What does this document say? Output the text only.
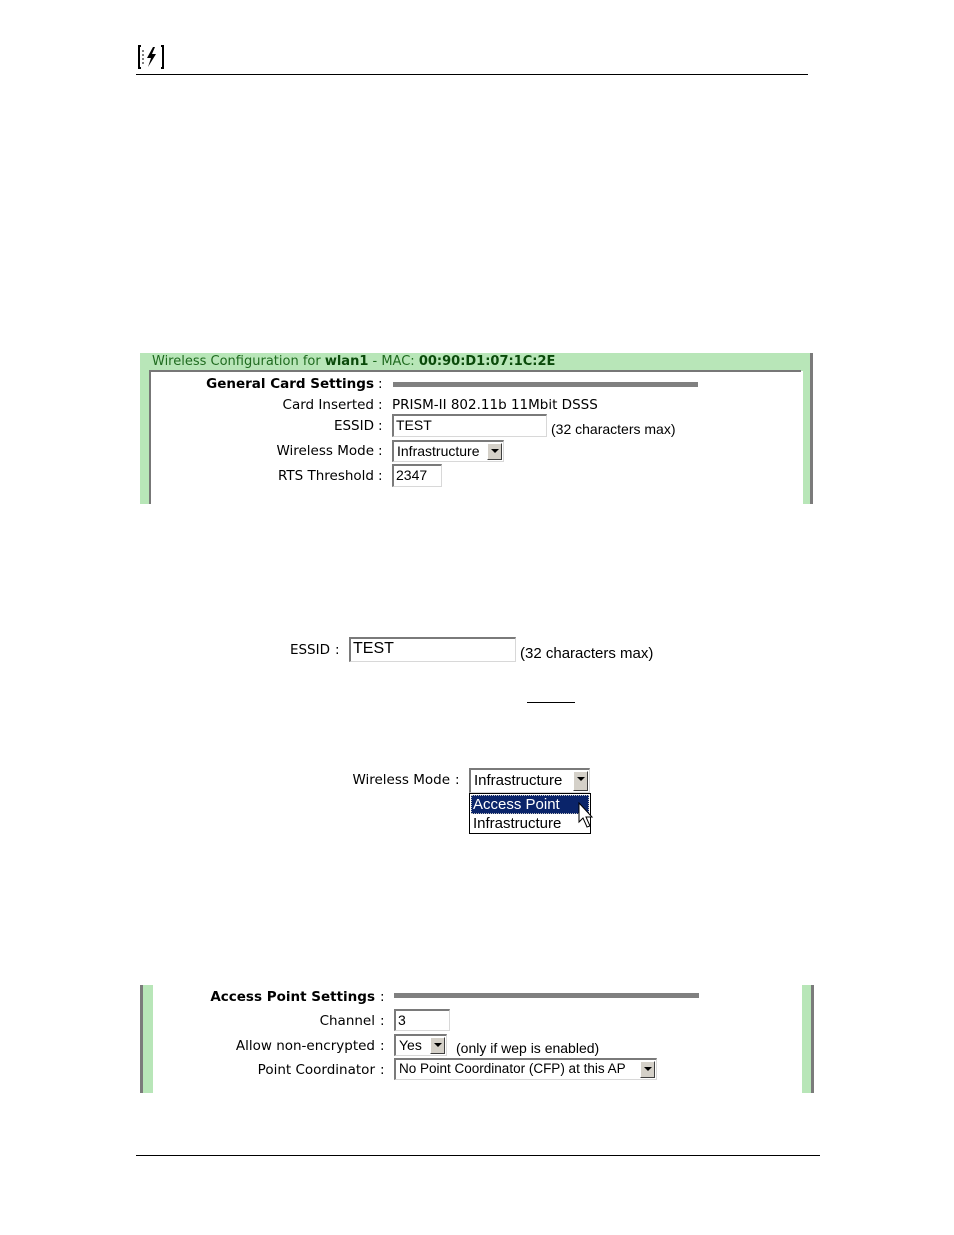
Wireless Configuration for wlan1 - MAC: 00:90:D1:07:1C:2E
General Card Settings :
Card Inserted : PRISM-II 802.11b 11Mbit DSSS
ESSID : TEST	(32 characters max)
Wireless Mode : Infrastructure
RTS Threshold : 2347
ESSID : TEST	(32 characters max)
Wireless Mode : Infrastructure
Access Point
Infrastructure
Access Point Settings :
Channel : 3
Allow non-encrypted : Yes (only if wep is enabled)
Point Coordinator : No Point Coordinator (CFP) at this AP
